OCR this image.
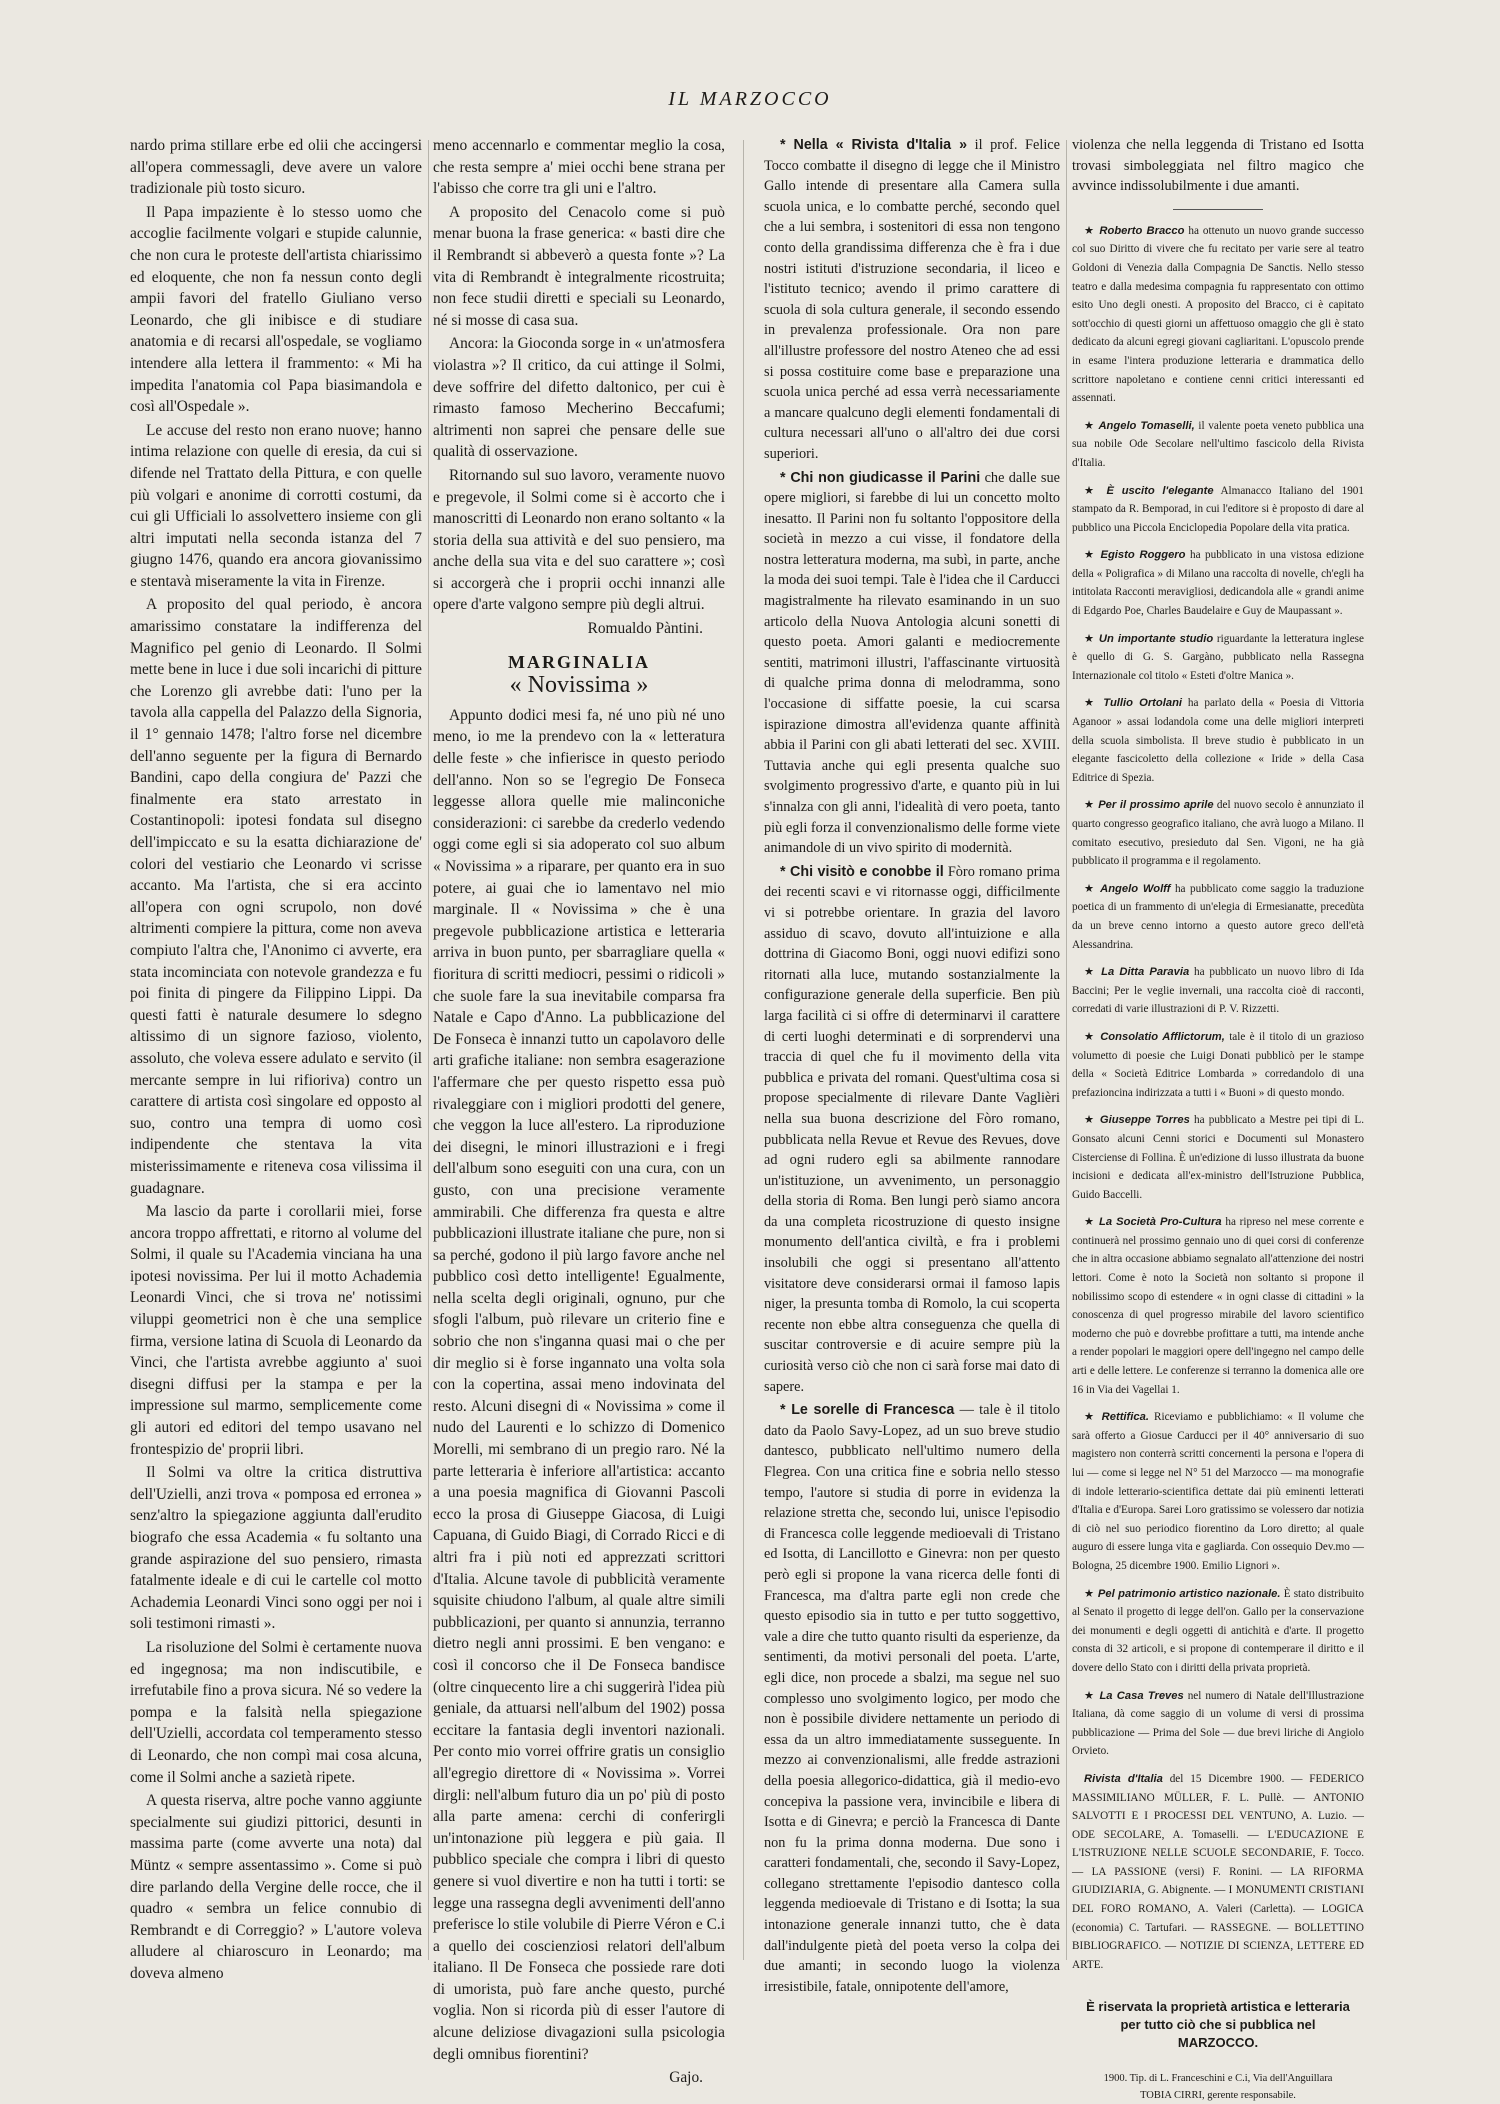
IL MARZOCCO

nardo prima stillare erbe ed olii che accingersi all'opera commessagli, deve avere un valore tradizionale più tosto sicuro.

Il Papa impaziente è lo stesso uomo che accoglie facilmente volgari e stupide calunnie, che non cura le proteste dell'artista chiarissimo ed eloquente, che non fa nessun conto degli ampii favori del fratello Giuliano verso Leonardo, che gli inibisce e di studiare anatomia e di recarsi all'ospedale, se vogliamo intendere alla lettera il frammento: « Mi ha impedita l'anatomia col Papa biasimandola e così all'Ospedale ».

Le accuse del resto non erano nuove; hanno intima relazione con quelle di eresia, da cui si difende nel Trattato della Pittura, e con quelle più volgari e anonime di corrotti costumi, da cui gli Ufficiali lo assolvettero insieme con gli altri imputati nella seconda istanza del 7 giugno 1476, quando era ancora giovanissimo e stentavà miseramente la vita in Firenze.

A proposito del qual periodo, è ancora amarissimo constatare la indifferenza del Magnifico pel genio di Leonardo. Il Solmi mette bene in luce i due soli incarichi di pitture che Lorenzo gli avrebbe dati: l'uno per la tavola alla cappella del Palazzo della Signoria, il 1° gennaio 1478; l'altro forse nel dicembre dell'anno seguente per la figura di Bernardo Bandini, capo della congiura de' Pazzi che finalmente era stato arrestato in Costantinopoli: ipotesi fondata sul disegno dell'impiccato e su la esatta dichiarazione de' colori del vestiario che Leonardo vi scrisse accanto. Ma l'artista, che si era accinto all'opera con ogni scrupolo, non dové altrimenti compiere la pittura, come non aveva compiuto l'altra che, l'Anonimo ci avverte, era stata incominciata con notevole grandezza e fu poi finita di pingere da Filippino Lippi. Da questi fatti è naturale desumere lo sdegno altissimo di un signore fazioso, violento, assoluto, che voleva essere adulato e servito (il mercante sempre in lui rifioriva) contro un carattere di artista così singolare ed opposto al suo, contro una tempra di uomo così indipendente che stentava la vita misterissimamente e riteneva cosa vilissima il guadagnare.

Ma lascio da parte i corollarii miei, forse ancora troppo affrettati, e ritorno al volume del Solmi, il quale su l'Academia vinciana ha una ipotesi novissima. Per lui il motto Achademia Leonardi Vinci, che si trova ne' notissimi viluppi geometrici non è che una semplice firma, versione latina di Scuola di Leonardo da Vinci, che l'artista avrebbe aggiunto a' suoi disegni diffusi per la stampa e per la impressione sul marmo, semplicemente come gli autori ed editori del tempo usavano nel frontespizio de' proprii libri.

Il Solmi va oltre la critica distruttiva dell'Uzielli, anzi trova « pomposa ed erronea » senz'altro la spiegazione aggiunta dall'erudito biografo che essa Academia « fu soltanto una grande aspirazione del suo pensiero, rimasta fatalmente ideale e di cui le cartelle col motto Achademia Leonardi Vinci sono oggi per noi i soli testimoni rimasti ».

La risoluzione del Solmi è certamente nuova ed ingegnosa; ma non indiscutibile, e irrefutabile fino a prova sicura. Né so vedere la pompa e la falsità nella spiegazione dell'Uzielli, accordata col temperamento stesso di Leonardo, che non compì mai cosa alcuna, come il Solmi anche a sazietà ripete.

A questa riserva, altre poche vanno aggiunte specialmente sui giudizi pittorici, desunti in massima parte (come avverte una nota) dal Müntz « sempre assentassimo ». Come si può dire parlando della Vergine delle rocce, che il quadro « sembra un felice connubio di Rembrandt e di Correggio? » L'autore voleva alludere al chiaroscuro in Leonardo; ma doveva almeno

meno accennarlo e commentar meglio la cosa, che resta sempre a' miei occhi bene strana per l'abisso che corre tra gli uni e l'altro.

A proposito del Cenacolo come si può menar buona la frase generica: « basti dire che il Rembrandt si abbeverò a questa fonte »? La vita di Rembrandt è integralmente ricostruita; non fece studii diretti e speciali su Leonardo, né si mosse di casa sua.

Ancora: la Gioconda sorge in « un'atmosfera violastra »? Il critico, da cui attinge il Solmi, deve soffrire del difetto daltonico, per cui è rimasto famoso Mecherino Beccafumi; altrimenti non saprei che pensare delle sue qualità di osservazione.

Ritornando sul suo lavoro, veramente nuovo e pregevole, il Solmi come si è accorto che i manoscritti di Leonardo non erano soltanto « la storia della sua attività e del suo pensiero, ma anche della sua vita e del suo carattere »; così si accorgerà che i proprii occhi innanzi alle opere d'arte valgono sempre più degli altrui.

Romualdo Pàntini.

MARGINALIA
« Novissima »

Appunto dodici mesi fa, né uno più né uno meno, io me la prendevo con la « letteratura delle feste » che infierisce in questo periodo dell'anno. Non so se l'egregio De Fonseca leggesse allora quelle mie malinconiche considerazioni: ci sarebbe da crederlo vedendo oggi come egli si sia adoperato col suo album « Novissima » a riparare, per quanto era in suo potere, ai guai che io lamentavo nel mio marginale. Il « Novissima » che è una pregevole pubblicazione artistica e letteraria arriva in buon punto, per sbarragliare quella « fioritura di scritti mediocri, pessimi o ridicoli » che suole fare la sua inevitabile comparsa fra Natale e Capo d'Anno. La pubblicazione del De Fonseca è innanzi tutto un capolavoro delle arti grafiche italiane: non sembra esagerazione l'affermare che per questo rispetto essa può rivaleggiare con i migliori prodotti del genere, che veggon la luce all'estero. La riproduzione dei disegni, le minori illustrazioni e i fregi dell'album sono eseguiti con una cura, con un gusto, con una precisione veramente ammirabili. Che differenza fra questa e altre pubblicazioni illustrate italiane che pure, non si sa perché, godono il più largo favore anche nel pubblico così detto intelligente! Egualmente, nella scelta degli originali, ognuno, pur che sfogli l'album, può rilevare un criterio fine e sobrio che non s'inganna quasi mai o che per dir meglio si è forse ingannato una volta sola con la copertina, assai meno indovinata del resto. Alcuni disegni di « Novissima » come il nudo del Laurenti e lo schizzo di Domenico Morelli, mi sembrano di un pregio raro. Né la parte letteraria è inferiore all'artistica: accanto a una poesia magnifica di Giovanni Pascoli ecco la prosa di Giuseppe Giacosa, di Luigi Capuana, di Guido Biagi, di Corrado Ricci e di altri fra i più noti ed apprezzati scrittori d'Italia. Alcune tavole di pubblicità veramente squisite chiudono l'album, al quale altre simili pubblicazioni, per quanto si annunzia, terranno dietro negli anni prossimi. E ben vengano: e così il concorso che il De Fonseca bandisce (oltre cinquecento lire a chi suggerirà l'idea più geniale, da attuarsi nell'album del 1902) possa eccitare la fantasia degli inventori nazionali. Per conto mio vorrei offrire gratis un consiglio all'egregio direttore di « Novissima ». Vorrei dirgli: nell'album futuro dia un po' più di posto alla parte amena: cerchi di conferirgli un'intonazione più leggera e più gaia. Il pubblico speciale che compra i libri di questo genere si vuol divertire e non ha tutti i torti: se legge una rassegna degli avvenimenti dell'anno preferisce lo stile volubile di Pierre Véron e C.i a quello dei coscienziosi relatori dell'album italiano. Il De Fonseca che possiede rare doti di umorista, può fare anche questo, purché voglia. Non si ricorda più di esser l'autore di alcune deliziose divagazioni sulla psicologia degli omnibus fiorentini?

Gajo.

* Nella « Rivista d'Italia » il prof. Felice Tocco combatte il disegno di legge che il Ministro Gallo intende di presentare alla Camera sulla scuola unica, e lo combatte perché, secondo quel che a lui sembra, i sostenitori di essa non tengono conto della grandissima differenza che è fra i due nostri istituti d'istruzione secondaria, il liceo e l'istituto tecnico; avendo il primo carattere di scuola di sola cultura generale, il secondo essendo in prevalenza professionale. Ora non pare all'illustre professore del nostro Ateneo che ad essi si possa costituire come base e preparazione una scuola unica perché ad essa verrà necessariamente a mancare qualcuno degli elementi fondamentali di cultura necessari all'uno o all'altro dei due corsi superiori.

* Chi non giudicasse il Parini che dalle sue opere migliori, si farebbe di lui un concetto molto inesatto. Il Parini non fu soltanto l'oppositore della società in mezzo a cui visse, il fondatore della nostra letteratura moderna, ma subì, in parte, anche la moda dei suoi tempi. Tale è l'idea che il Carducci magistralmente ha rilevato esaminando in un suo articolo della Nuova Antologia alcuni sonetti di questo poeta. Amori galanti e mediocremente sentiti, matrimoni illustri, l'affascinante virtuosità di qualche prima donna di melodramma, sono l'occasione di siffatte poesie, la cui scarsa ispirazione dimostra all'evidenza quante affinità abbia il Parini con gli abati letterati del sec. XVIII. Tuttavia anche qui egli presenta qualche suo svolgimento progressivo d'arte, e quanto più in lui s'innalza con gli anni, l'idealità di vero poeta, tanto più egli forza il convenzionalismo delle forme viete animandole di un vivo spirito di modernità.

* Chi visitò e conobbe il Fòro romano prima dei recenti scavi e vi ritornasse oggi, difficilmente vi si potrebbe orientare. In grazia del lavoro assiduo di scavo, dovuto all'intuizione e alla dottrina di Giacomo Boni, oggi nuovi edifizi sono ritornati alla luce, mutando sostanzialmente la configurazione generale della superficie. Ben più larga facilità ci si offre di determinarvi il carattere di certi luoghi determinati e di sorprendervi una traccia di quel che fu il movimento della vita pubblica e privata del romani. Quest'ultima cosa si propose specialmente di rilevare Dante Vaglièri nella sua buona descrizione del Fòro romano, pubblicata nella Revue et Revue des Revues, dove ad ogni rudero egli sa abilmente rannodare un'istituzione, un avvenimento, un personaggio della storia di Roma. Ben lungi però siamo ancora da una completa ricostruzione di questo insigne monumento dell'antica civiltà, e fra i problemi insolubili che oggi si presentano all'attento visitatore deve considerarsi ormai il famoso lapis niger, la presunta tomba di Romolo, la cui scoperta recente non ebbe altra conseguenza che quella di suscitar controversie e di acuire sempre più la curiosità verso ciò che non ci sarà forse mai dato di sapere.

* Le sorelle di Francesca — tale è il titolo dato da Paolo Savy-Lopez, ad un suo breve studio dantesco, pubblicato nell'ultimo numero della Flegrea. Con una critica fine e sobria nello stesso tempo, l'autore si studia di porre in evidenza la relazione stretta che, secondo lui, unisce l'episodio di Francesca colle leggende medioevali di Tristano ed Isotta, di Lancillotto e Ginevra: non per questo però egli si propone la vana ricerca delle fonti di Francesca, ma d'altra parte egli non crede che questo episodio sia in tutto e per tutto soggettivo, vale a dire che tutto quanto risulti da esperienze, da sentimenti, da motivi personali del poeta. L'arte, egli dice, non procede a sbalzi, ma segue nel suo complesso uno svolgimento logico, per modo che non è possibile dividere nettamente un periodo di essa da un altro immediatamente susseguente. In mezzo ai convenzionalismi, alle fredde astrazioni della poesia allegorico-didattica, già il medio-evo concepiva la passione vera, invincibile e libera di Isotta e di Ginevra; e perciò la Francesca di Dante non fu la prima donna moderna. Due sono i caratteri fondamentali, che, secondo il Savy-Lopez, collegano strettamente l'episodio dantesco colla leggenda medioevale di Tristano e di Isotta; la sua intonazione generale innanzi tutto, che è data dall'indulgente pietà del poeta verso la colpa dei due amanti; in secondo luogo la violenza irresistibile, fatale, onnipotente dell'amore,

violenza che nella leggenda di Tristano ed Isotta trovasi simboleggiata nel filtro magico che avvince indissolubilmente i due amanti.

★ Roberto Bracco ha ottenuto un nuovo grande successo col suo Diritto di vivere che fu recitato per varie sere al teatro Goldoni di Venezia dalla Compagnia De Sanctis. Nello stesso teatro e dalla medesima compagnia fu rappresentato con ottimo esito Uno degli onesti. A proposito del Bracco, ci è capitato sott'occhio di questi giorni un affettuoso omaggio che gli è stato dedicato da alcuni egregi giovani cagliaritani. L'opuscolo prende in esame l'intera produzione letteraria e drammatica dello scrittore napoletano e contiene cenni critici interessanti ed assennati.

★ Angelo Tomaselli, il valente poeta veneto pubblica una sua nobile Ode Secolare nell'ultimo fascicolo della Rivista d'Italia.

★ È uscito l'elegante Almanacco Italiano del 1901 stampato da R. Bemporad, in cui l'editore si è proposto di dare al pubblico una Piccola Enciclopedia Popolare della vita pratica.

★ Egisto Roggero ha pubblicato in una vistosa edizione della « Poligrafica » di Milano una raccolta di novelle, ch'egli ha intitolata Racconti meravigliosi, dedicandola alle « grandi anime di Edgardo Poe, Charles Baudelaire e Guy de Maupassant ».

★ Un importante studio riguardante la letteratura inglese è quello di G. S. Gargàno, pubblicato nella Rassegna Internazionale col titolo « Esteti d'oltre Manica ».

★ Tullio Ortolani ha parlato della « Poesia di Vittoria Aganoor » assai lodandola come una delle migliori interpreti della scuola simbolista. Il breve studio è pubblicato in un elegante fascicoletto della collezione « Iride » della Casa Editrice di Spezia.

★ Per il prossimo aprile del nuovo secolo è annunziato il quarto congresso geografico italiano, che avrà luogo a Milano. Il comitato esecutivo, presieduto dal Sen. Vigoni, ne ha già pubblicato il programma e il regolamento.

★ Angelo Wolff ha pubblicato come saggio la traduzione poetica di un frammento di un'elegia di Ermesianatte, precedùta da un breve cenno intorno a questo autore greco dell'età Alessandrina.

★ La Ditta Paravia ha pubblicato un nuovo libro di Ida Baccini; Per le veglie invernali, una raccolta cioè di racconti, corredati di varie illustrazioni di P. V. Rizzetti.

★ Consolatio Afflictorum, tale è il titolo di un grazioso volumetto di poesie che Luigi Donati pubblicò per le stampe della « Società Editrice Lombarda » corredandolo di una prefazioncina indirizzata a tutti i « Buoni » di questo mondo.

★ Giuseppe Torres ha pubblicato a Mestre pei tipi di L. Gonsato alcuni Cenni storici e Documenti sul Monastero Cisterciense di Follina. È un'edizione di lusso illustrata da buone incisioni e dedicata all'ex-ministro dell'Istruzione Pubblica, Guido Baccelli.

★ La Società Pro-Cultura ha ripreso nel mese corrente e continuerà nel prossimo gennaio uno di quei corsi di conferenze che in altra occasione abbiamo segnalato all'attenzione dei nostri lettori. Come è noto la Società non soltanto si propone il nobilissimo scopo di estendere « in ogni classe di cittadini » la conoscenza di quel progresso mirabile del lavoro scientifico moderno che può e dovrebbe profittare a tutti, ma intende anche a render popolari le maggiori opere dell'ingegno nel campo delle arti e delle lettere. Le conferenze si terranno la domenica alle ore 16 in Via dei Vagellai 1.

★ Rettifica. Riceviamo e pubblichiamo: « Il volume che sarà offerto a Giosue Carducci per il 40° anniversario di suo magistero non conterrà scritti concernenti la persona e l'opera di lui — come si legge nel N° 51 del Marzocco — ma monografie di indole letterario-scientifica dettate dai più eminenti letterati d'Italia e d'Europa. Sarei Loro gratissimo se volessero dar notizia di ciò nel suo periodico fiorentino da Loro diretto; al quale auguro di essere lunga vita e gagliarda. Con ossequio Dev.mo — Bologna, 25 dicembre 1900. Emilio Lignori ».

★ Pel patrimonio artistico nazionale. È stato distribuito al Senato il progetto di legge dell'on. Gallo per la conservazione dei monumenti e degli oggetti di antichità e d'arte. Il progetto consta di 32 articoli, e si propone di contemperare il diritto e il dovere dello Stato con i diritti della privata proprietà.

★ La Casa Treves nel numero di Natale dell'Illustrazione Italiana, dà come saggio di un volume di versi di prossima pubblicazione — Prima del Sole — due brevi liriche di Angiolo Orvieto.

Rivista d'Italia del 15 Dicembre 1900. — FEDERICO MASSIMILIANO MÜLLER, F. L. Pullè. — ANTONIO SALVOTTI E I PROCESSI DEL VENTUNO, A. Luzio. — ODE SECOLARE, A. Tomaselli. — L'EDUCAZIONE E L'ISTRUZIONE NELLE SCUOLE SECONDARIE, F. Tocco. — LA PASSIONE (versi) F. Ronini. — LA RIFORMA GIUDIZIARIA, G. Abignente. — I MONUMENTI CRISTIANI DEL FORO ROMANO, A. Valeri (Carletta). — LOGICA (economia) C. Tartufari. — RASSEGNE. — BOLLETTINO BIBLIOGRAFICO. — NOTIZIE DI SCIENZA, LETTERE ED ARTE.

È riservata la proprietà artistica e letteraria per tutto ciò che si pubblica nel MARZOCCO.
1900. Tip. di L. Franceschini e C.i, Via dell'Anguillara
TOBIA CIRRI, gerente responsabile.
